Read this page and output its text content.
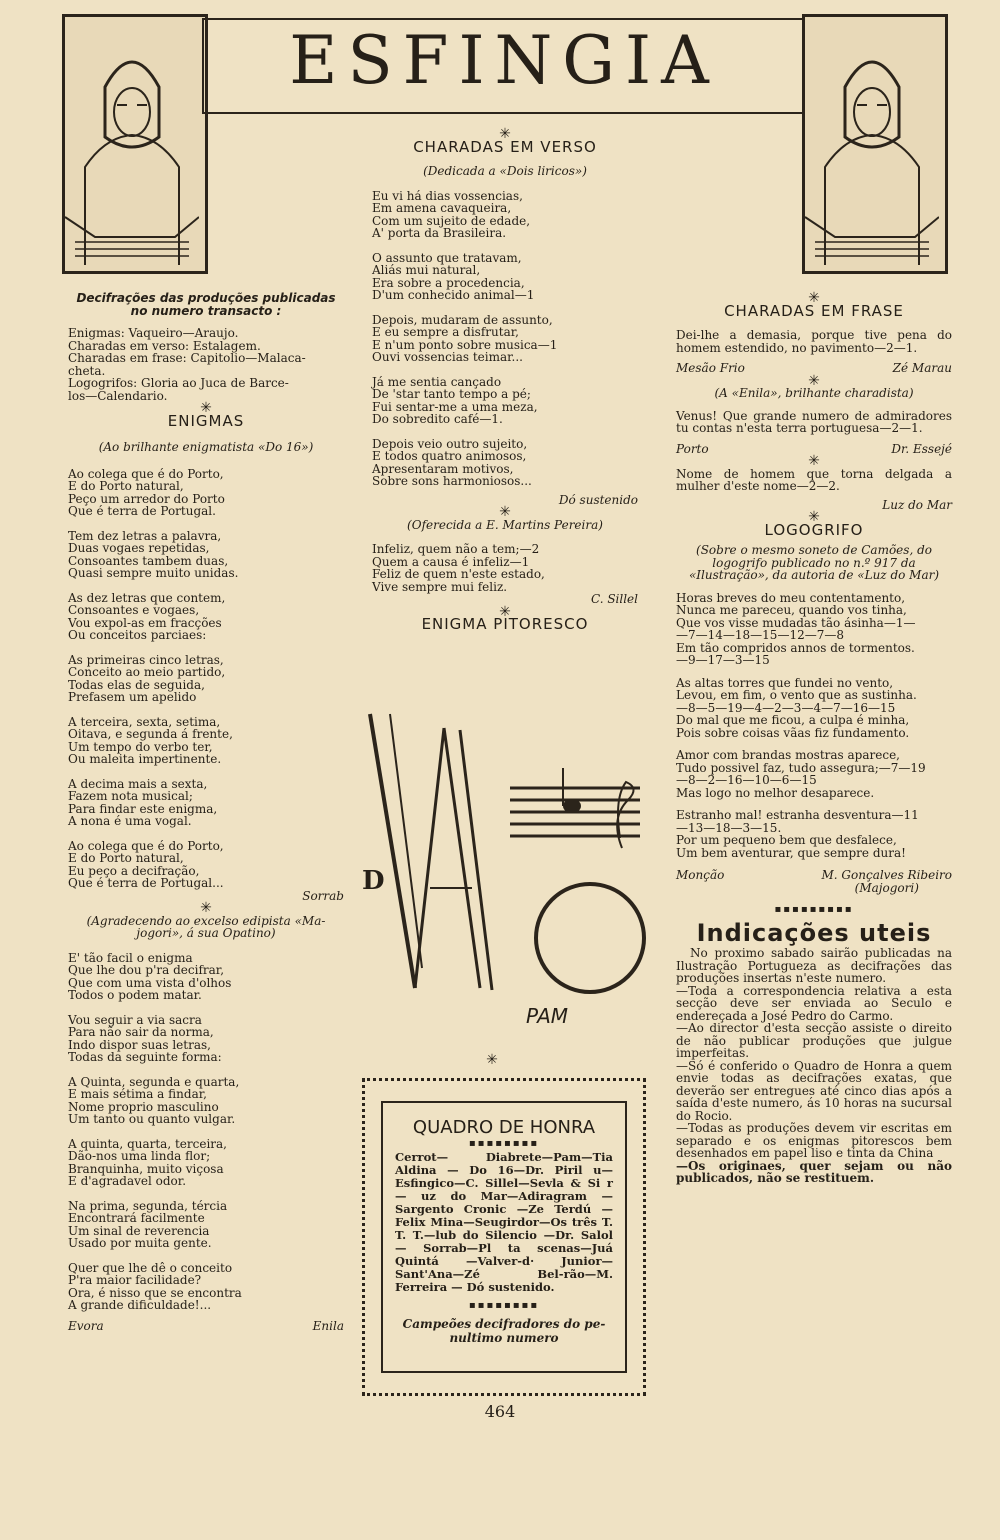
ESFINGIA

Decifrações das produções publicadas
no numero transacto :

Enigmas: Vaqueiro—Araujo.

Charadas em verso: Estalagem.

Charadas em frase: Capitolio—Malaca-
cheta.

Logogrifos: Gloria ao Juca de Barce-
los—Calendario.

✳

ENIGMAS

(Ao brilhante enigmatista «Do 16»)

Ao colega que é do Porto,
E do Porto natural,
Peço um arredor do Porto
Que é terra de Portugal.

Tem dez letras a palavra,
Duas vogaes repetidas,
Consoantes tambem duas,
Quasi sempre muito unidas.

As dez letras que contem,
Consoantes e vogaes,
Vou expol-as em fracções
Ou conceitos parciaes:

As primeiras cinco letras,
Conceito ao meio partido,
Todas elas de seguida,
Prefasem um apelido

A terceira, sexta, setima,
Oitava, e segunda á frente,
Um tempo do verbo ter,
Ou maleita impertinente.

A decima mais a sexta,
Fazem nota musical;
Para findar este enigma,
A nona é uma vogal.

Ao colega que é do Porto,
E do Porto natural,
Eu peço a decifração,
Que é terra de Portugal...

Sorrab

✳

(Agradecendo ao excelso edipista «Ma-
jogori», á sua Opatino)

E' tão facil o enigma
Que lhe dou p'ra decifrar,
Que com uma vista d'olhos
Todos o podem matar.

Vou seguir a via sacra
Para não sair da norma,
Indo dispor suas letras,
Todas da seguinte forma:

A Quinta, segunda e quarta,
E mais sétima a findar,
Nome proprio masculino
Um tanto ou quanto vulgar.

A quinta, quarta, terceira,
Dão-nos uma linda flor;
Branquinha, muito viçosa
E d'agradavel odor.

Na prima, segunda, tércia
Encontrará facilmente
Um sinal de reverencia
Usado por muita gente.

Quer que lhe dê o conceito
P'ra maior facilidade?
Ora, é nisso que se encontra
A grande dificuldade!...

Evora	Enila
✳

CHARADAS EM VERSO

(Dedicada a «Dois liricos»)

Eu vi há dias vossencias,
Em amena cavaqueira,
Com um sujeito de edade,
A' porta da Brasileira.

O assunto que tratavam,
Aliás mui natural,
Era sobre a procedencia,
D'um conhecido animal—1

Depois, mudaram de assunto,
E eu sempre a disfrutar,
E n'um ponto sobre musica—1
Ouvi vossencias teimar...

Já me sentia cançado
De 'star tanto tempo a pé;
Fui sentar-me a uma meza,
Do sobredito café—1.

Depois veio outro sujeito,
E todos quatro animosos,
Apresentaram motivos,
Sobre sons harmoniosos...

Dó sustenido

✳

(Oferecida a E. Martins Pereira)

Infeliz, quem não a tem;—2
Quem a causa é infeliz—1
Feliz de quem n'este estado,
Vive sempre mui feliz.

C. Sillel

✳

ENIGMA PITORESCO

D
PAM
✳
QUADRO DE HONRA
▪▪▪▪▪▪▪▪

Cerrot— Diabrete—Pam—Tia Aldina — Do 16—Dr. Piril u— Esfingico—C. Sillel—Sevla & Si r— uz do Mar—Adiragram —Sargento Cronic —Ze Terdú — Felix Mina—Seugirdor—Os três T. T. T.—lub do Silencio —Dr. Salol — Sorrab—Pl ta scenas—Juá Quintá —Valver-d· Junior—Sant'Ana—Zé Bel-rão—M. Ferreira — Dó sustenido.

▪▪▪▪▪▪▪▪

Campeões decifradores do pe-
nultimo numero

✳

CHARADAS EM FRASE

Dei-lhe a demasia, porque tive pena do homem estendido, no pavimento—2—1.

Mesão Frio	Zé Marau
✳

(A «Enila», brilhante charadista)

Venus! Que grande numero de admiradores tu contas n'esta terra portuguesa—2—1.

Porto	Dr. Essejé
✳

Nome de homem que torna delgada a mulher d'este nome—2—2.

Luz do Mar

✳

LOGOGRIFO

(Sobre o mesmo soneto de Camões, do logogrifo publicado no n.º 917 da «Ilustração», da autoria de «Luz do Mar)

Horas breves do meu contentamento,
Nunca me pareceu, quando vos tinha,
Que vos visse mudadas tão ásinha—1—
—7—14—18—15—12—7—8
Em tão compridos annos de tormentos.
—9—17—3—15

As altas torres que fundei no vento,
Levou, em fim, o vento que as sustinha.
—8—5—19—4—2—3—4—7—16—15
Do mal que me ficou, a culpa é minha,
Pois sobre coisas vãas fiz fundamento.

Amor com brandas mostras aparece,
Tudo possivel faz, tudo assegura;—7—19
—8—2—16—10—6—15
Mas logo no melhor desaparece.

Estranho mal! estranha desventura—11
—13—18—3—15.
Por um pequeno bem que desfalece,
Um bem aventurar, que sempre dura!

Monção	M. Gonçalves Ribeiro
(Majogori)
▪▪▪▪▪▪▪▪▪
Indicações uteis

No proximo sabado sairão publicadas na Ilustração Portugueza as decifrações das produções insertas n'este numero.

—Toda a correspondencia relativa a esta secção deve ser enviada ao Seculo e endereçada a José Pedro do Carmo.

—Ao director d'esta secção assiste o direito de não publicar produções que julgue imperfeitas.

—Só é conferido o Quadro de Honra a quem envie todas as decifrações exatas, que deverão ser entregues até cinco dias após a saída d'este numero, ás 10 horas na sucursal do Rocio.

—Todas as produções devem vir escritas em separado e os enigmas pitorescos bem desenhados em papel liso e tinta da China

—Os originaes, quer sejam ou não publicados, não se restituem.

464
